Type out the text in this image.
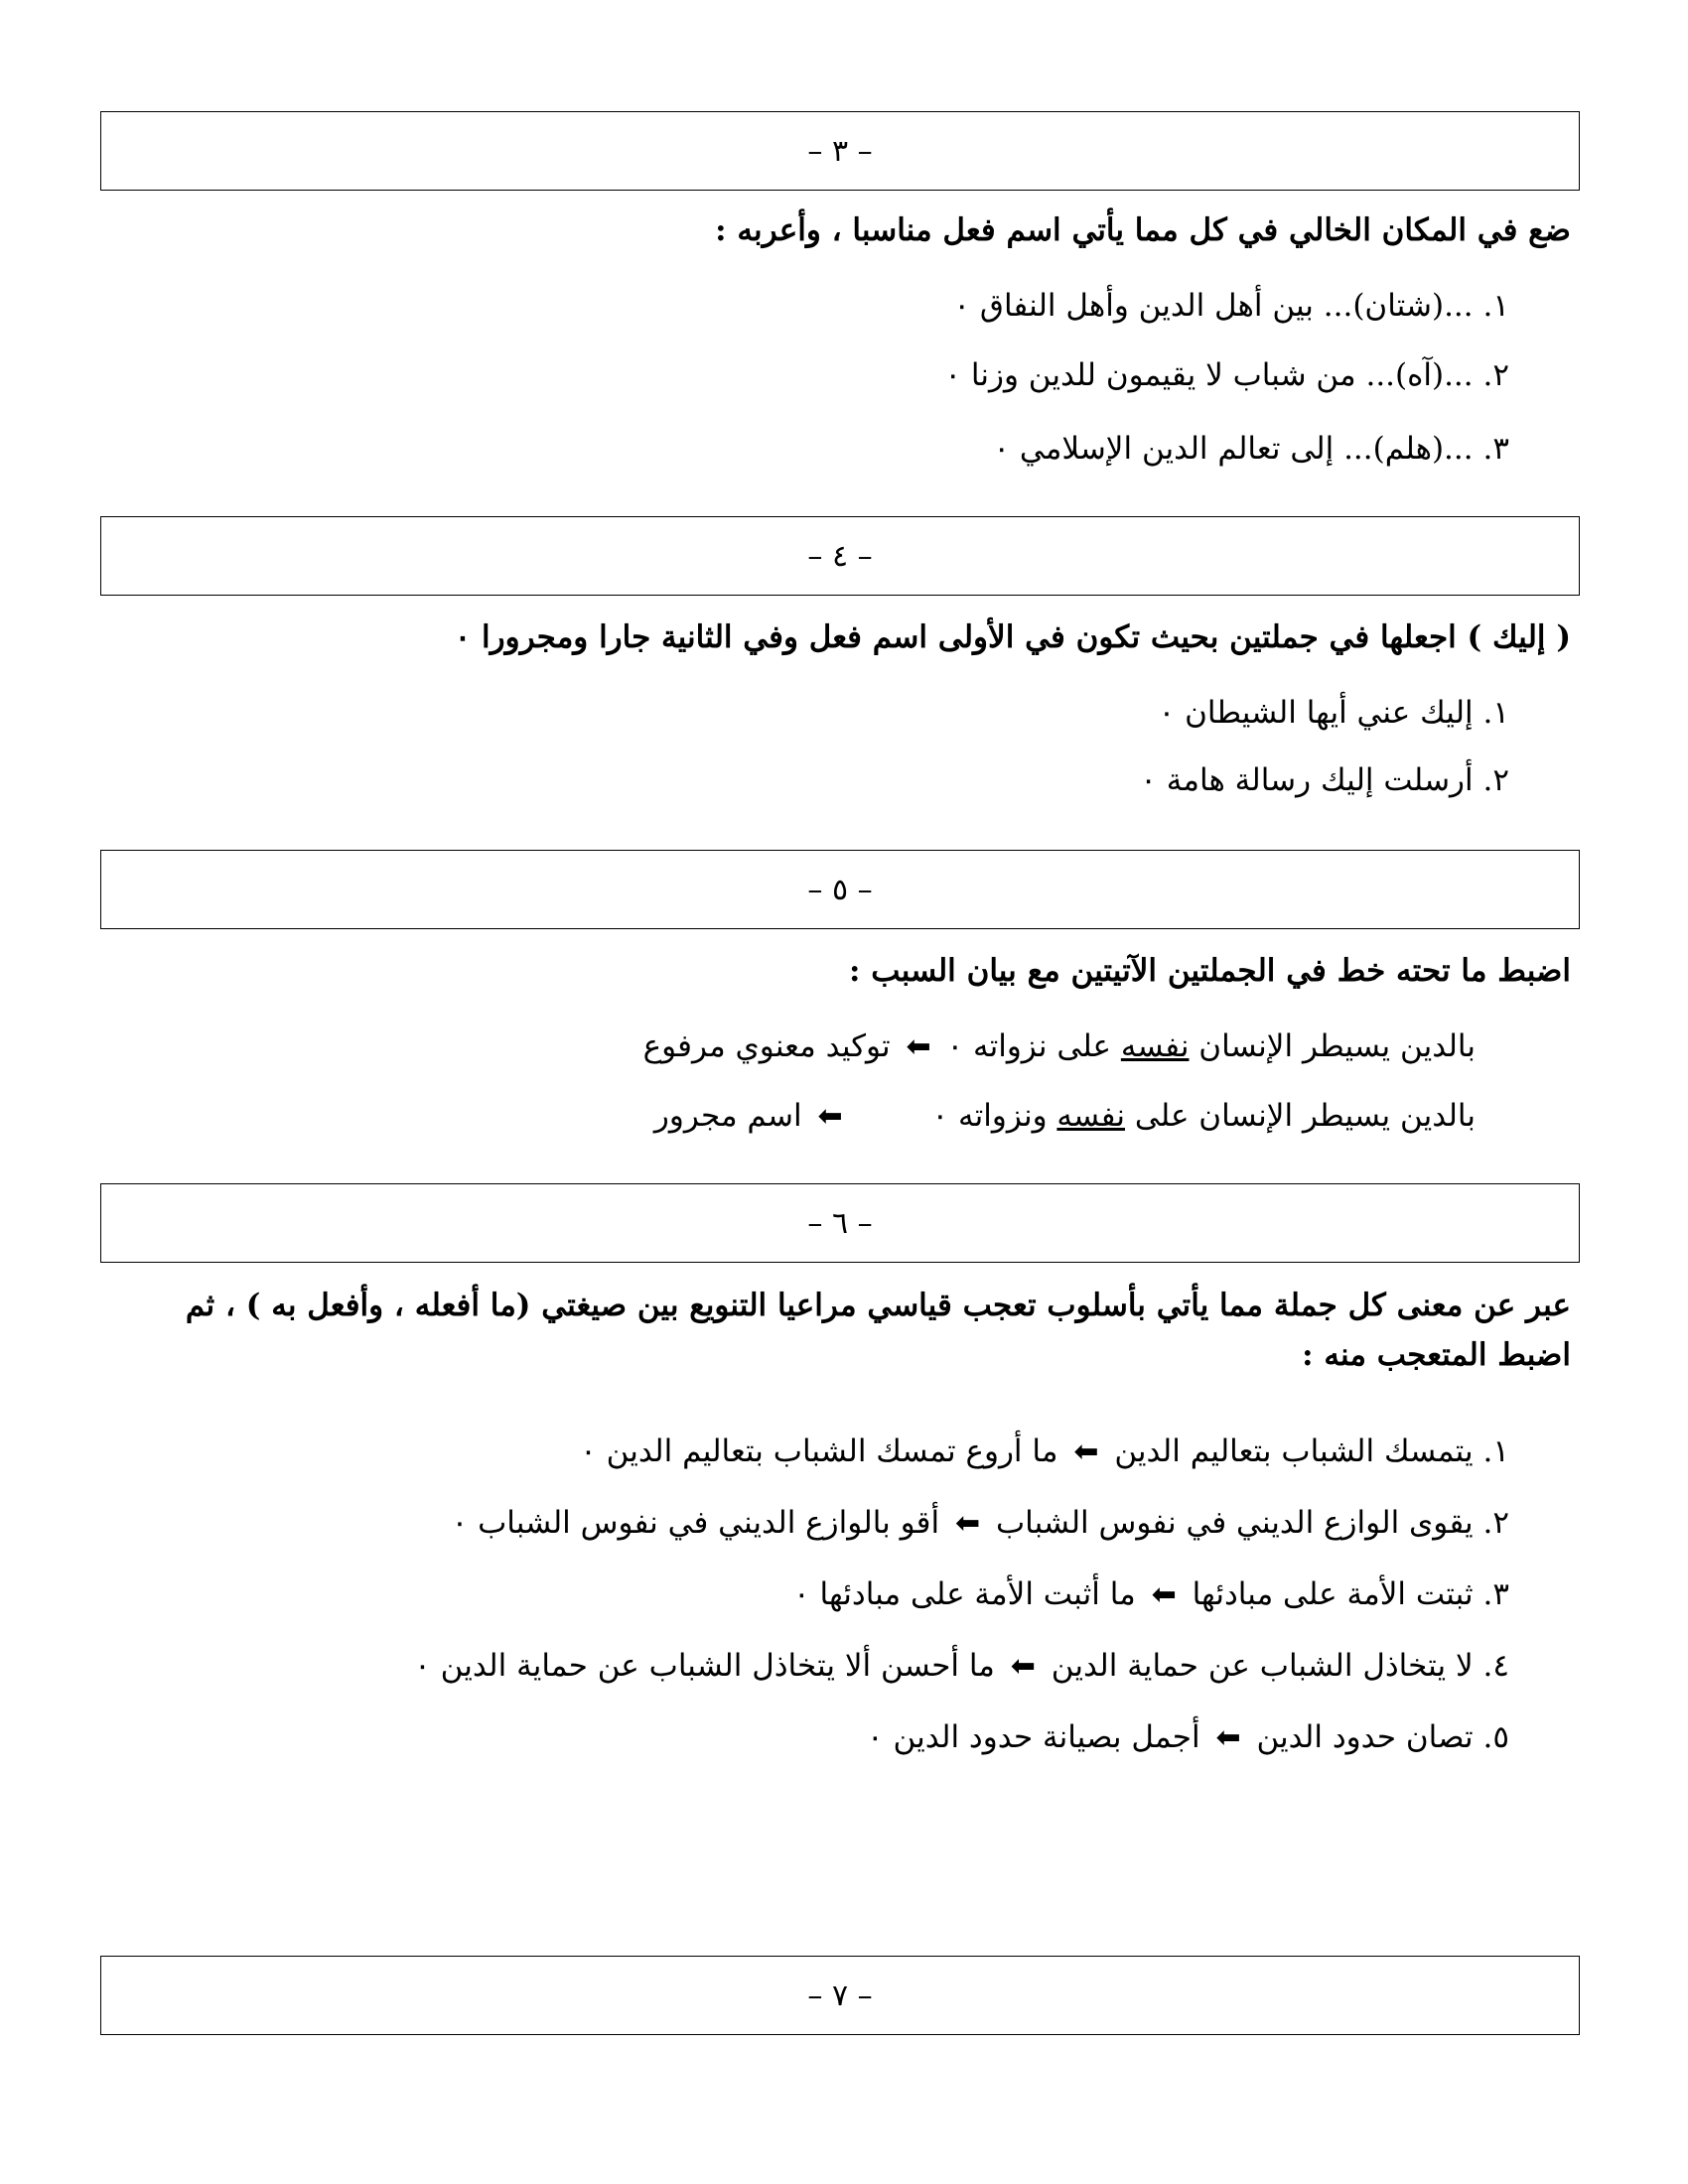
– ٣ –
ضع في المكان الخالي في كل مما يأتي اسم فعل مناسبا ، وأعربه :
١. ...(شتان)... بين أهل الدين وأهل النفاق ٠
٢. ...(آه)... من شباب لا يقيمون للدين وزنا ٠
٣. ...(هلم)... إلى تعالم الدين الإسلامي ٠
– ٤ –
( إليك ) اجعلها في جملتين بحيث تكون في الأولى اسم فعل وفي الثانية جارا ومجرورا ٠
١. إليك عني أيها الشيطان ٠
٢. أرسلت إليك رسالة هامة ٠
– ٥ –
اضبط ما تحته خط في الجملتين الآتيتين مع بيان السبب :
بالدين يسيطر الإنسان نفسه على نزواته ٠ ⬅ توكيد معنوي مرفوع
بالدين يسيطر الإنسان على نفسه ونزواته ٠ ⬅ اسم مجرور
– ٦ –
عبر عن معنى كل جملة مما يأتي بأسلوب تعجب قياسي مراعيا التنويع بين صيغتي (ما أفعله ، وأفعل به ) ، ثم اضبط المتعجب منه :
١. يتمسك الشباب بتعاليم الدين ⬅ ما أروع تمسك الشباب بتعاليم الدين ٠
٢. يقوى الوازع الديني في نفوس الشباب ⬅ أقو بالوازع الديني في نفوس الشباب ٠
٣. ثبتت الأمة على مبادئها ⬅ ما أثبت الأمة على مبادئها ٠
٤. لا يتخاذل الشباب عن حماية الدين ⬅ ما أحسن ألا يتخاذل الشباب عن حماية الدين ٠
٥. تصان حدود الدين ⬅ أجمل بصيانة حدود الدين ٠
– ٧ –
